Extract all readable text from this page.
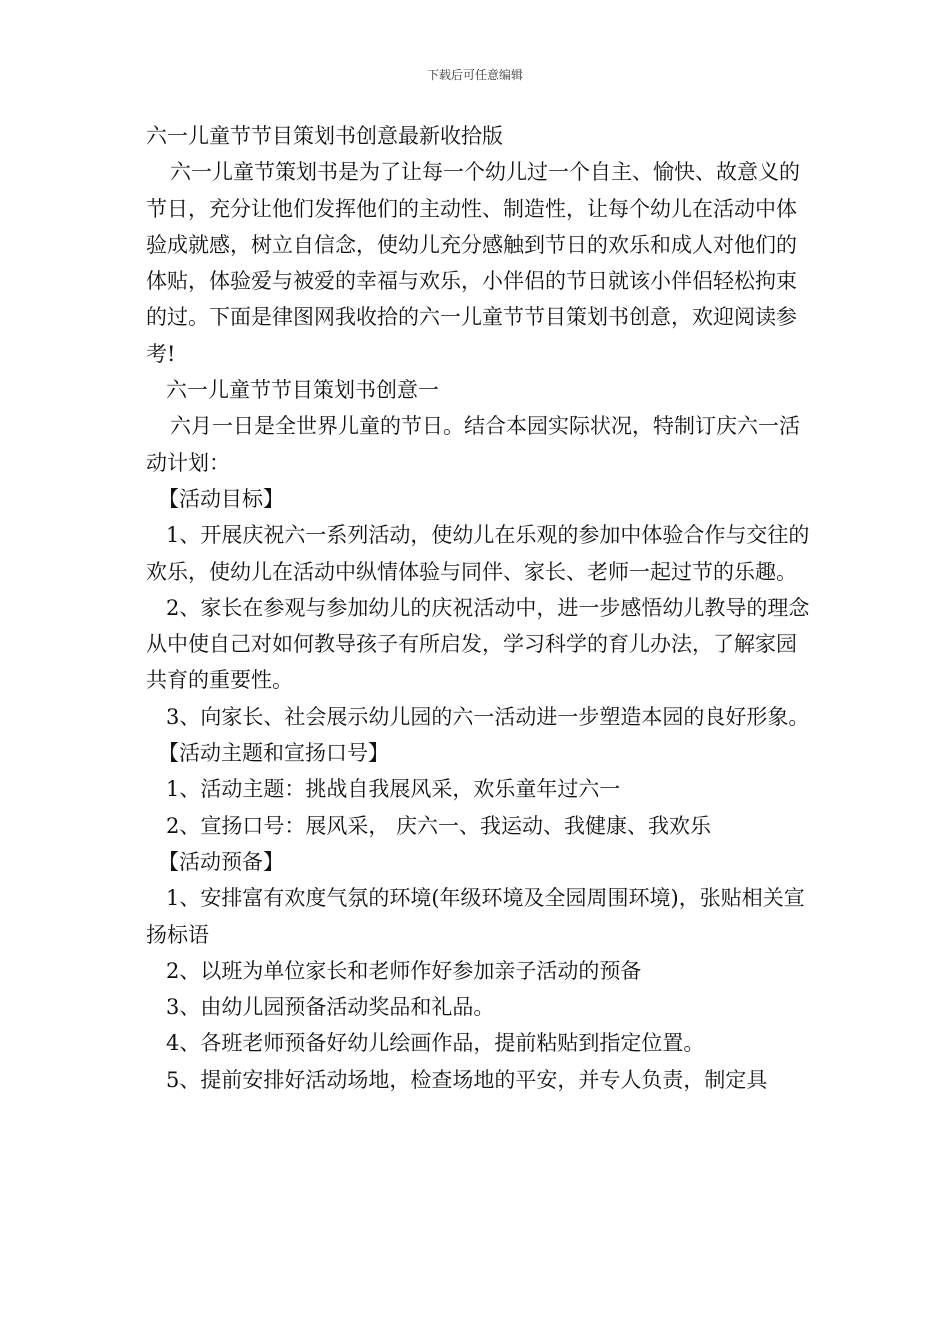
下载后可任意编辑

六一儿童节节目策划书创意最新收拾版

六一儿童节策划书是为了让每一个幼儿过一个自主、愉快、故意义的节日，充分让他们发挥他们的主动性、制造性，让每个幼儿在活动中体验成就感，树立自信念，使幼儿充分感触到节日的欢乐和成人对他们的体贴，体验爱与被爱的幸福与欢乐，小伴侣的节日就该小伴侣轻松拘束的过。下面是律图网我收拾的六一儿童节节目策划书创意，欢迎阅读参考!

六一儿童节节目策划书创意一

六月一日是全世界儿童的节日。结合本园实际状况，特制订庆六一活动计划：

【活动目标】

1、开展庆祝六一系列活动，使幼儿在乐观的参加中体验合作与交往的欢乐，使幼儿在活动中纵情体验与同伴、家长、老师一起过节的乐趣。

2、家长在参观与参加幼儿的庆祝活动中，进一步感悟幼儿教导的理念从中使自己对如何教导孩子有所启发，学习科学的育儿办法，了解家园共育的重要性。

3、向家长、社会展示幼儿园的六一活动进一步塑造本园的良好形象。

【活动主题和宣扬口号】

1、活动主题：挑战自我展风采，欢乐童年过六一

2、宣扬口号：展风采， 庆六一、我运动、我健康、我欢乐

【活动预备】

1、安排富有欢度气氛的环境(年级环境及全园周围环境)，张贴相关宣扬标语

2、以班为单位家长和老师作好参加亲子活动的预备

3、由幼儿园预备活动奖品和礼品。

4、各班老师预备好幼儿绘画作品，提前粘贴到指定位置。

5、提前安排好活动场地，检查场地的平安，并专人负责，制定具
